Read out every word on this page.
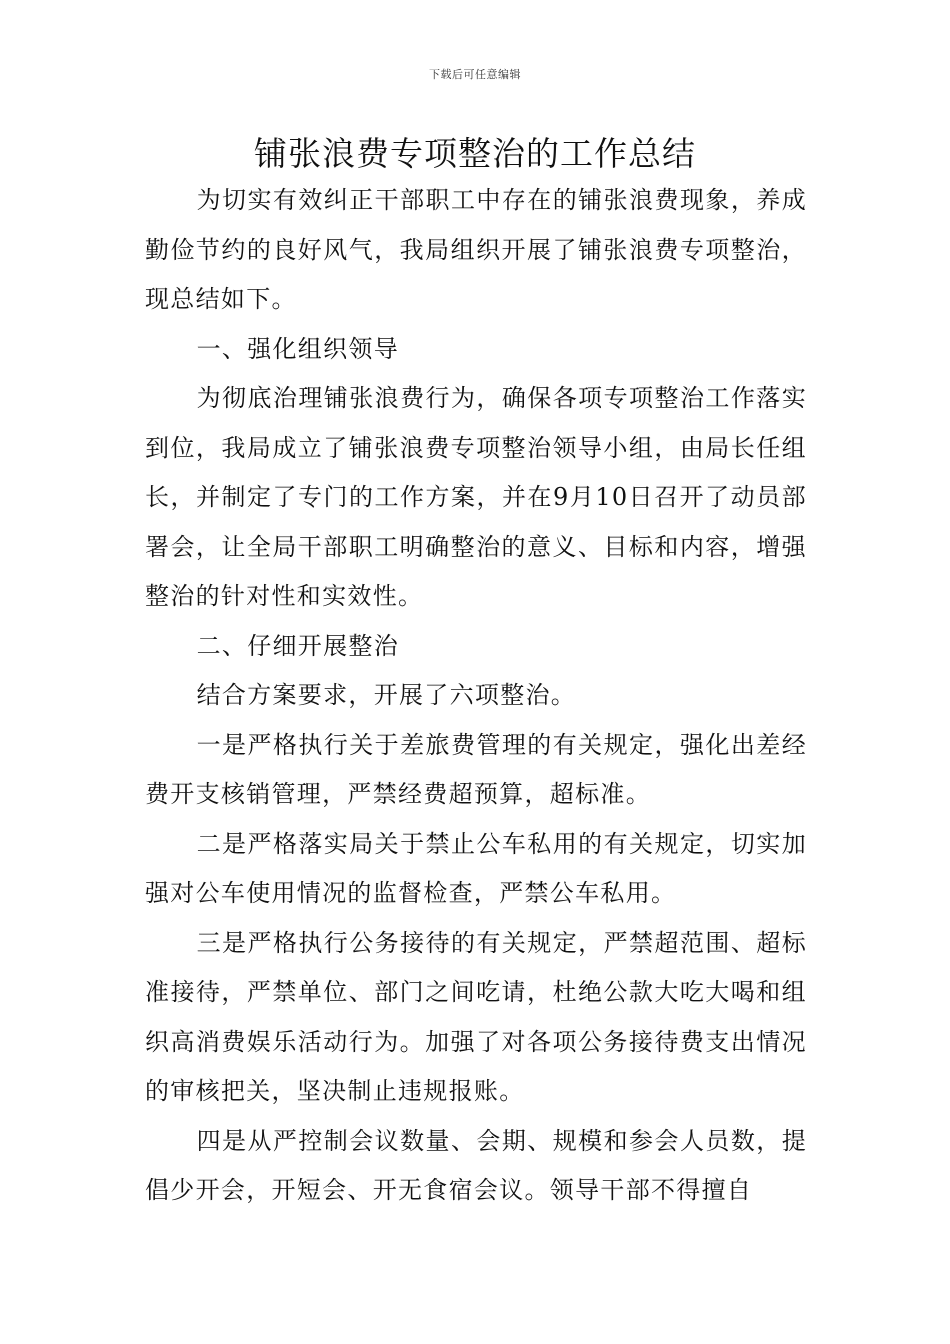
下载后可任意编辑
铺张浪费专项整治的工作总结

为切实有效纠正干部职工中存在的铺张浪费现象，养成勤俭节约的良好风气，我局组织开展了铺张浪费专项整治，现总结如下。

一、强化组织领导

为彻底治理铺张浪费行为，确保各项专项整治工作落实到位，我局成立了铺张浪费专项整治领导小组，由局长任组长，并制定了专门的工作方案，并在9月10日召开了动员部署会，让全局干部职工明确整治的意义、目标和内容，增强整治的针对性和实效性。

二、仔细开展整治

结合方案要求，开展了六项整治。

一是严格执行关于差旅费管理的有关规定，强化出差经费开支核销管理，严禁经费超预算，超标准。

二是严格落实局关于禁止公车私用的有关规定，切实加强对公车使用情况的监督检查，严禁公车私用。

三是严格执行公务接待的有关规定，严禁超范围、超标准接待，严禁单位、部门之间吃请，杜绝公款大吃大喝和组织高消费娱乐活动行为。加强了对各项公务接待费支出情况的审核把关，坚决制止违规报账。

四是从严控制会议数量、会期、规模和参会人员数，提倡少开会，开短会、开无食宿会议。领导干部不得擅自
